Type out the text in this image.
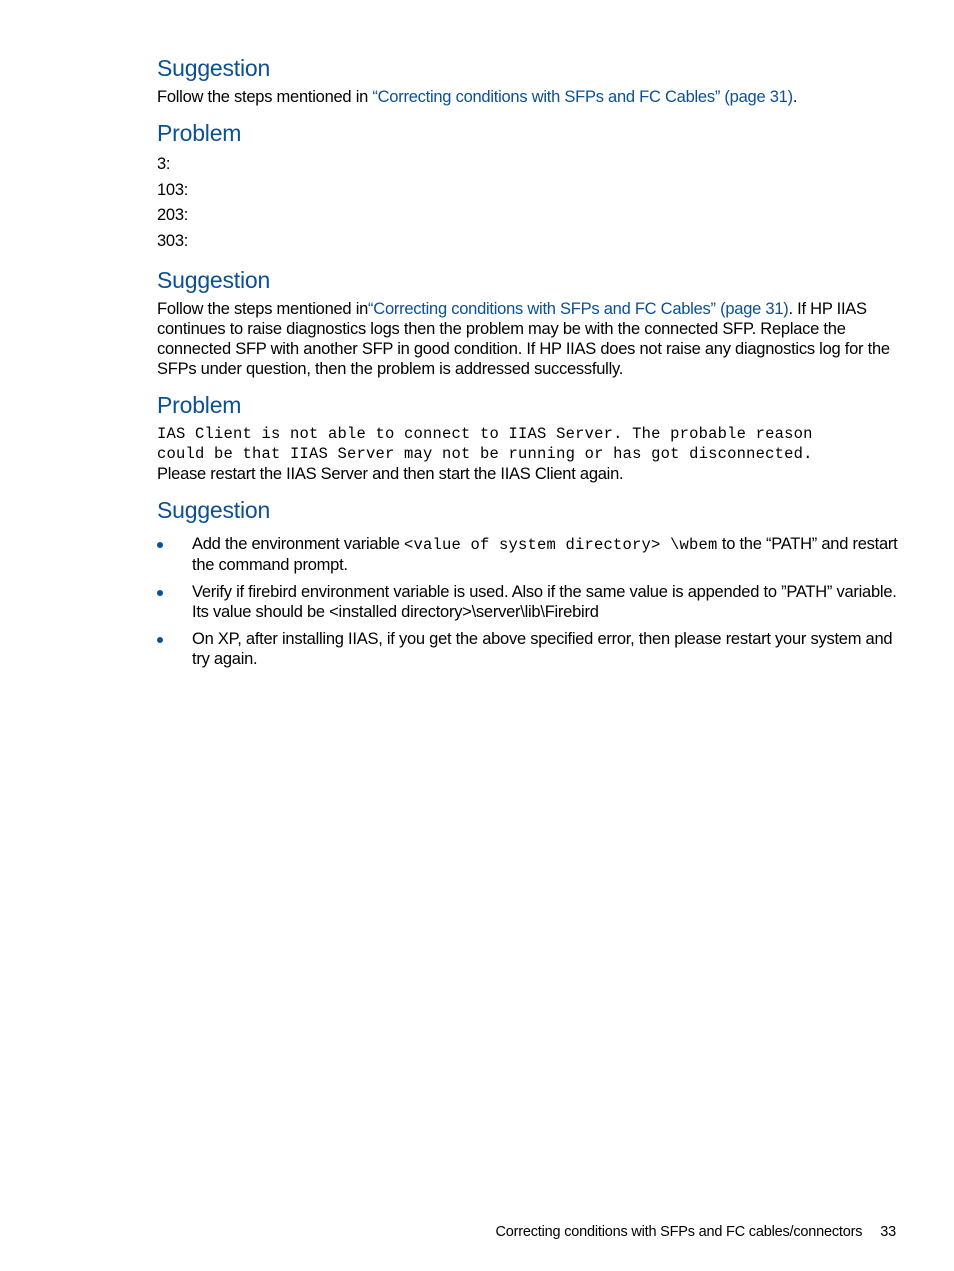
Suggestion

Follow the steps mentioned in “Correcting conditions with SFPs and FC Cables” (page 31).

Problem

3:

103:

203:

303:

Suggestion

Follow the steps mentioned in“Correcting conditions with SFPs and FC Cables” (page 31). If HP IIAS continues to raise diagnostics logs then the problem may be with the connected SFP. Replace the connected SFP with another SFP in good condition. If HP IIAS does not raise any diagnostics log for the SFPs under question, then the problem is addressed successfully.

Problem
IAS Client is not able to connect to IIAS Server. The probable reason
could be that IIAS Server may not be running or has got disconnected.

Please restart the IIAS Server and then start the IIAS Client again.

Suggestion
Add the environment variable <value of system directory> \wbem to the “PATH” and restart the command prompt.
Verify if firebird environment variable is used. Also if the same value is appended to ”PATH” variable. Its value should be <installed directory>\server\lib\Firebird
On XP, after installing IIAS, if you get the above specified error, then please restart your system and try again.
Correcting conditions with SFPs and FC cables/connectors 33
